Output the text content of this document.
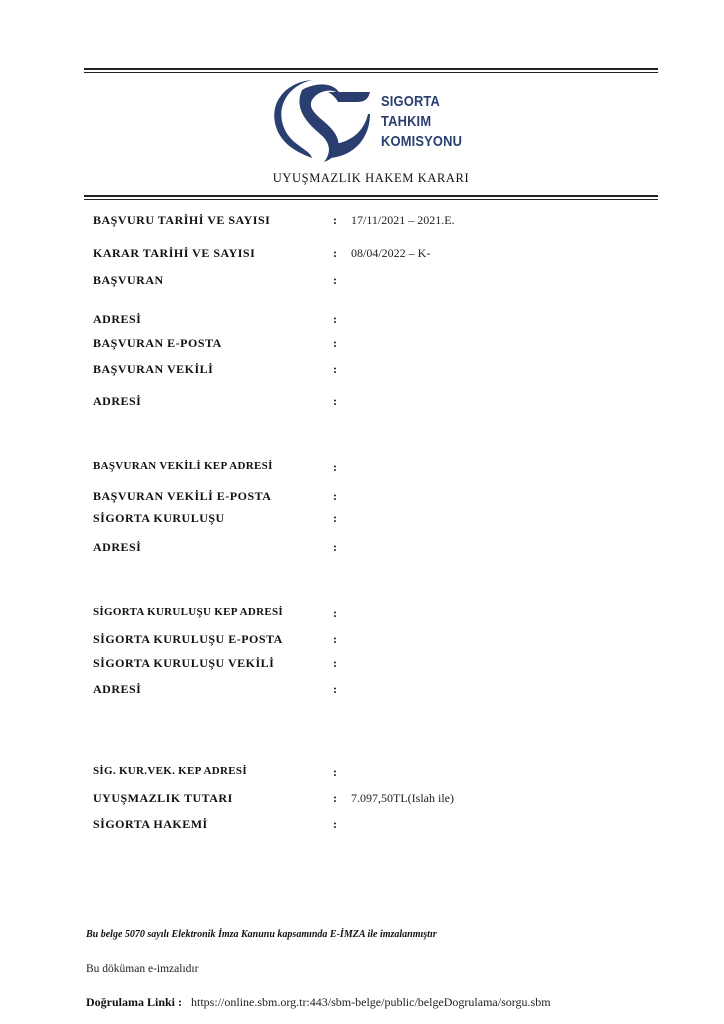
SIGORTA
TAHKIM
KOMISYONU
UYUŞMAZLIK HAKEM KARARI
BAŞVURU TARİHİ VE SAYISI	: 17/11/2021 – 2021.E.
KARAR TARİHİ VE SAYISI	: 08/04/2022 – K-
BAŞVURAN	:
ADRESİ	:
BAŞVURAN E-POSTA	:
BAŞVURAN VEKİLİ	:
ADRESİ	:
BAŞVURAN VEKİLİ KEP ADRESİ	:
BAŞVURAN VEKİLİ E-POSTA	:
SİGORTA KURULUŞU	:
ADRESİ	:
SİGORTA KURULUŞU KEP ADRESİ	:
SİGORTA KURULUŞU E-POSTA	:
SİGORTA KURULUŞU VEKİLİ	:
ADRESİ	:
SİG. KUR.VEK. KEP ADRESİ	:
UYUŞMAZLIK TUTARI	: 7.097,50TL(Islah ile)
SİGORTA HAKEMİ	:
Bu belge 5070 sayılı Elektronik İmza Kanunu kapsamında E-İMZA ile imzalanmıştır
Bu döküman e-imzalıdır
Doğrulama Linki : https://online.sbm.org.tr:443/sbm-belge/public/belgeDogrulama/sorgu.sbm
